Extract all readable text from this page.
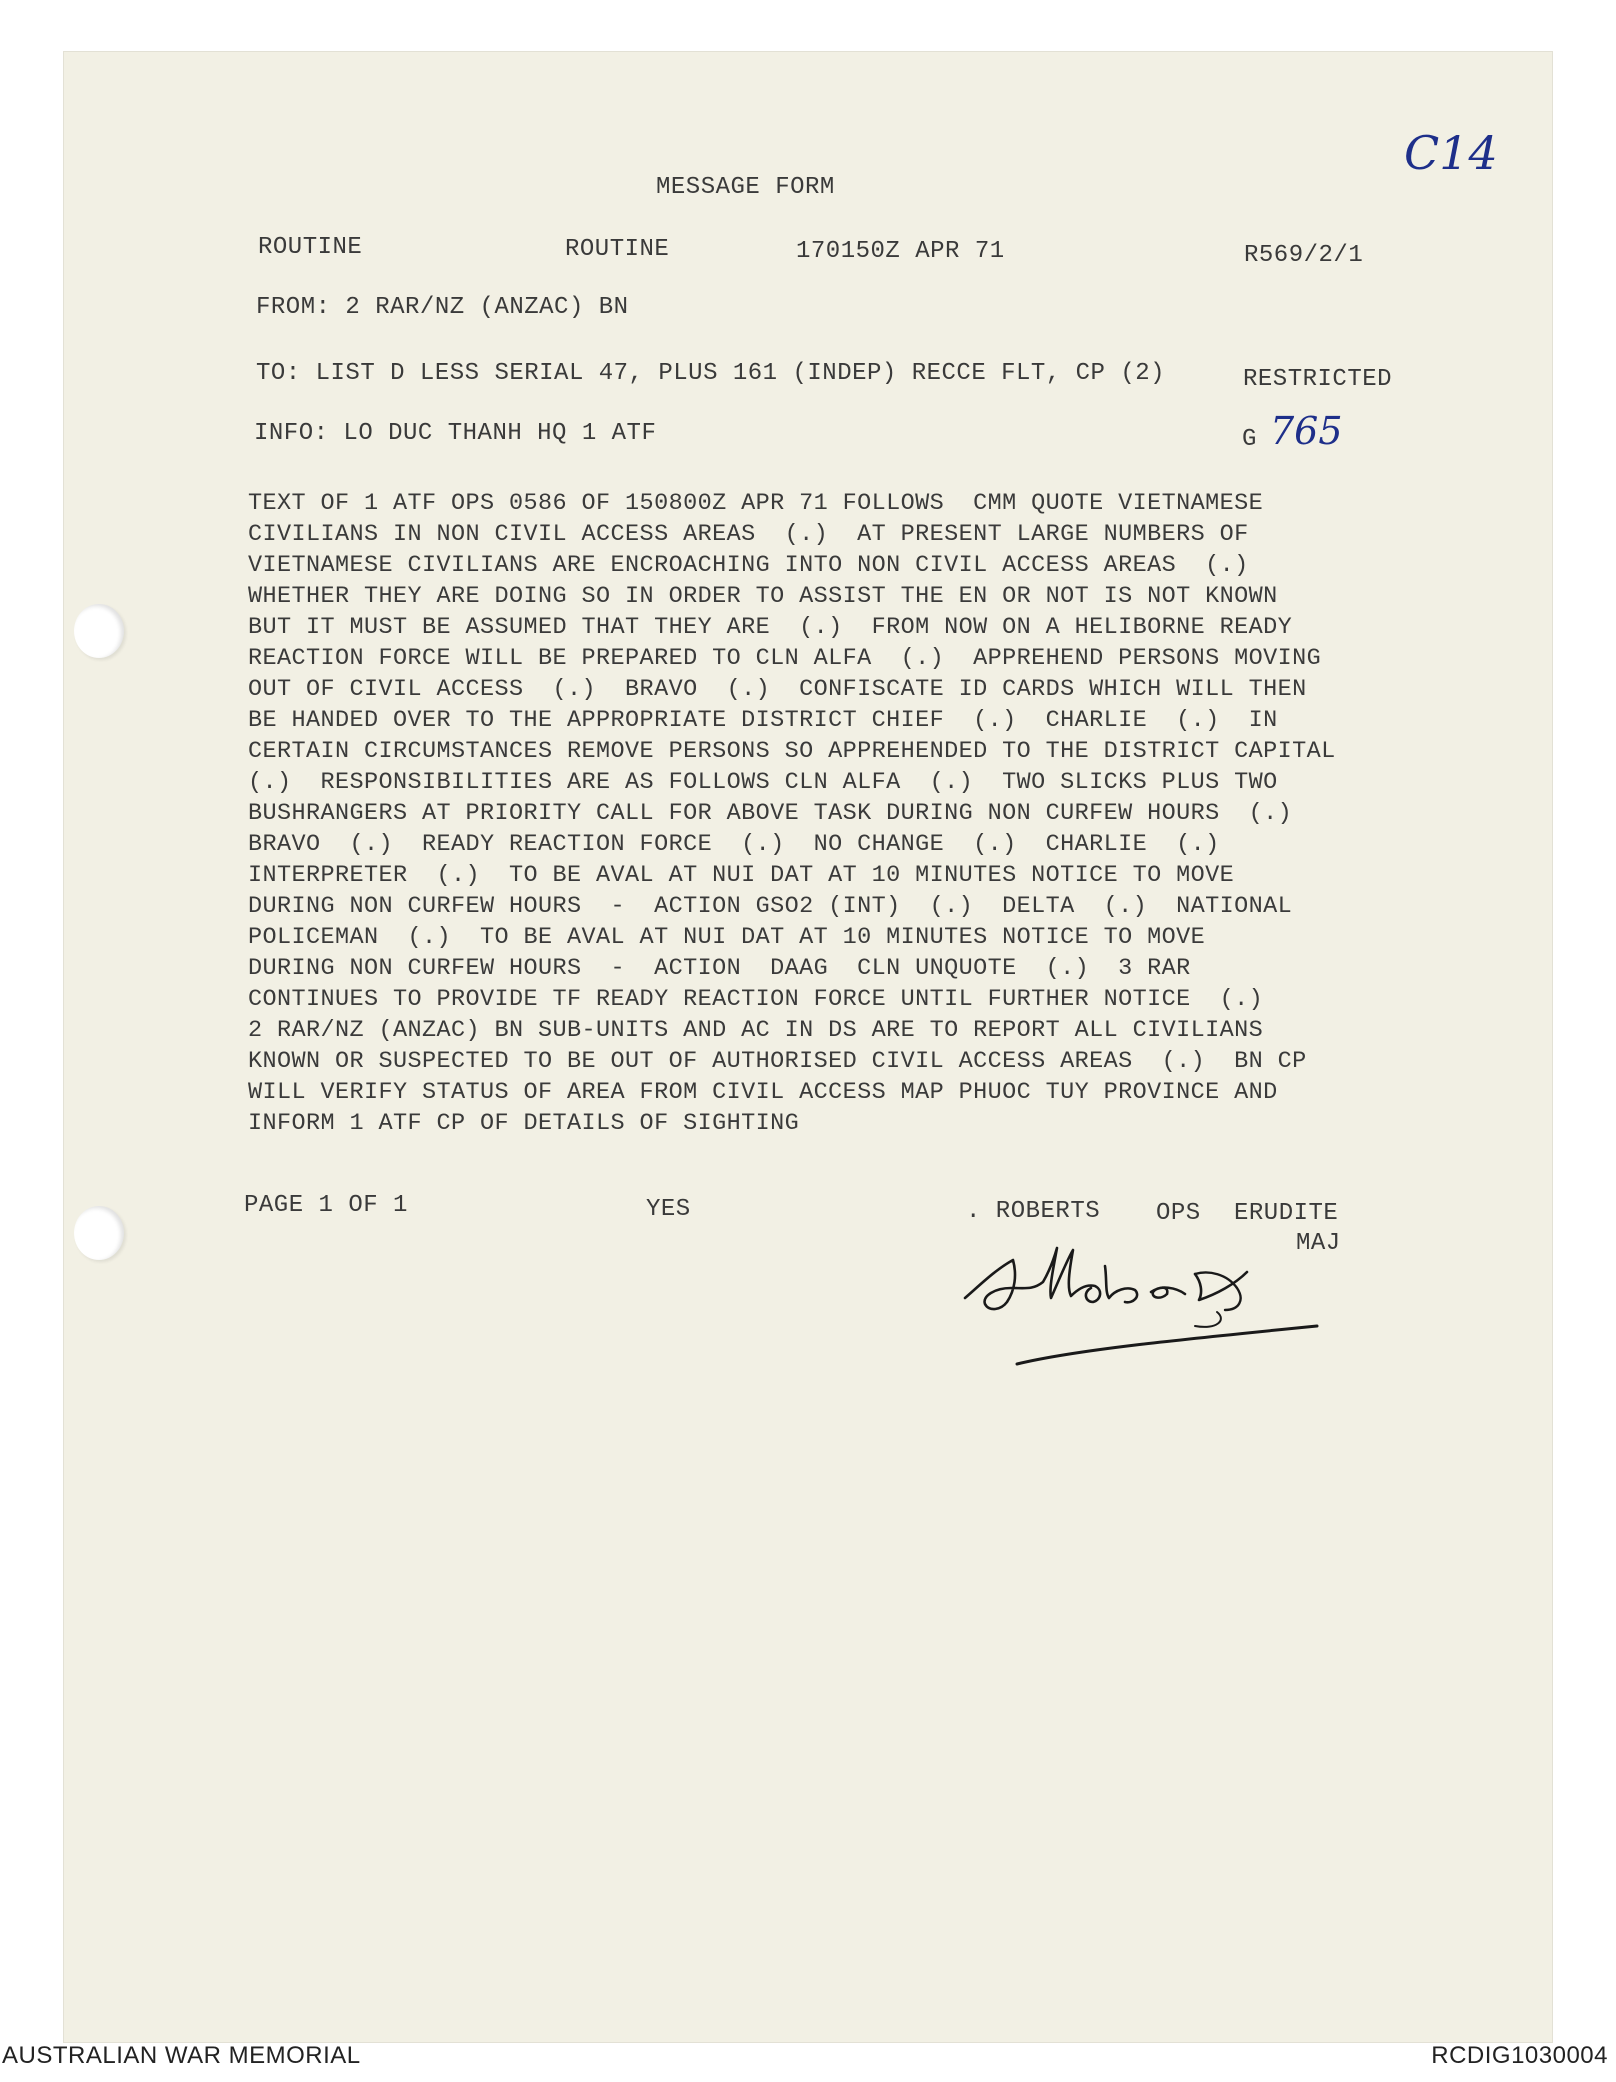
C14

MESSAGE FORM

ROUTINE	ROUTINE	170150Z APR 71	R569/2/1

FROM: 2 RAR/NZ (ANZAC) BN

TO: LIST D LESS SERIAL 47, PLUS 161 (INDEP) RECCE FLT, CP (2)	RESTRICTED

INFO: LO DUC THANH HQ 1 ATF	G 765
TEXT OF 1 ATF OPS 0586 OF 150800Z APR 71 FOLLOWS  CMM QUOTE VIETNAMESE
CIVILIANS IN NON CIVIL ACCESS AREAS  (.)  AT PRESENT LARGE NUMBERS OF
VIETNAMESE CIVILIANS ARE ENCROACHING INTO NON CIVIL ACCESS AREAS  (.)
WHETHER THEY ARE DOING SO IN ORDER TO ASSIST THE EN OR NOT IS NOT KNOWN
BUT IT MUST BE ASSUMED THAT THEY ARE  (.)  FROM NOW ON A HELIBORNE READY
REACTION FORCE WILL BE PREPARED TO CLN ALFA  (.)  APPREHEND PERSONS MOVING
OUT OF CIVIL ACCESS  (.)  BRAVO  (.)  CONFISCATE ID CARDS WHICH WILL THEN
BE HANDED OVER TO THE APPROPRIATE DISTRICT CHIEF  (.)  CHARLIE  (.)  IN
CERTAIN CIRCUMSTANCES REMOVE PERSONS SO APPREHENDED TO THE DISTRICT CAPITAL
(.)  RESPONSIBILITIES ARE AS FOLLOWS CLN ALFA  (.)  TWO SLICKS PLUS TWO
BUSHRANGERS AT PRIORITY CALL FOR ABOVE TASK DURING NON CURFEW HOURS  (.)
BRAVO  (.)  READY REACTION FORCE  (.)  NO CHANGE  (.)  CHARLIE  (.)
INTERPRETER  (.)  TO BE AVAL AT NUI DAT AT 10 MINUTES NOTICE TO MOVE
DURING NON CURFEW HOURS  -  ACTION GSO2 (INT)  (.)  DELTA  (.)  NATIONAL
POLICEMAN  (.)  TO BE AVAL AT NUI DAT AT 10 MINUTES NOTICE TO MOVE
DURING NON CURFEW HOURS  -  ACTION  DAAG  CLN UNQUOTE  (.)  3 RAR
CONTINUES TO PROVIDE TF READY REACTION FORCE UNTIL FURTHER NOTICE  (.)
2 RAR/NZ (ANZAC) BN SUB-UNITS AND AC IN DS ARE TO REPORT ALL CIVILIANS
KNOWN OR SUSPECTED TO BE OUT OF AUTHORISED CIVIL ACCESS AREAS  (.)  BN CP
WILL VERIFY STATUS OF AREA FROM CIVIL ACCESS MAP PHUOC TUY PROVINCE AND
INFORM 1 ATF CP OF DETAILS OF SIGHTING

PAGE 1 OF 1	YES	. ROBERTS OPS ERUDITE

MAJ

AUSTRALIAN WAR MEMORIAL	RCDIG1030004
